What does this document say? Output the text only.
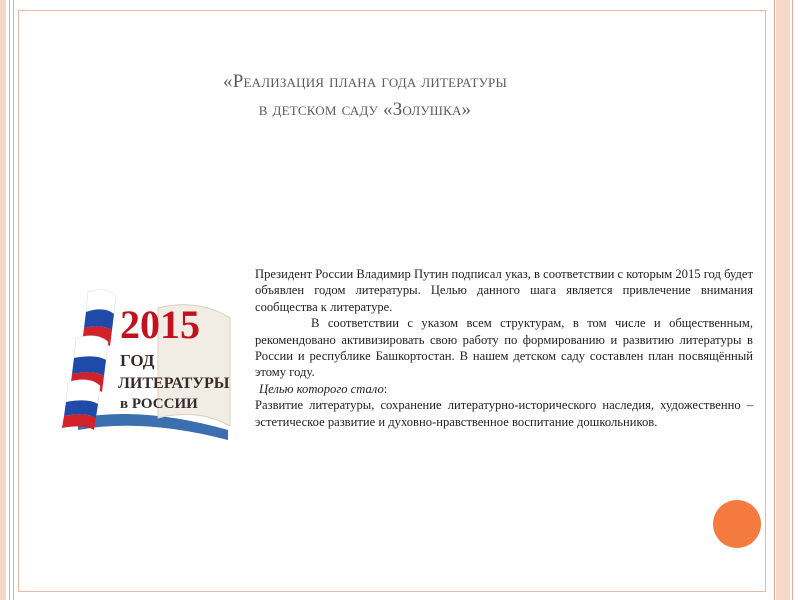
«Реализация плана года литературы
в детском саду «Золушка»
2015
ГОД
ЛИТЕРАТУРЫ
в РОССИИ

Президент России Владимир Путин подписал указ, в соответствии с которым 2015 год будет объявлен годом литературы. Целью данного шага является привлечение внимания сообщества к литературе.

В соответствии с указом всем структурам, в том числе и общественным, рекомендовано активизировать свою работу по формированию и развитию литературы в России и республике Башкортостан. В нашем детском саду составлен план посвящённый этому году.

Целью которого стало:

Развитие литературы, сохранение литературно-исторического наследия, художественно – эстетическое развитие и духовно-нравственное воспитание дошкольников.
